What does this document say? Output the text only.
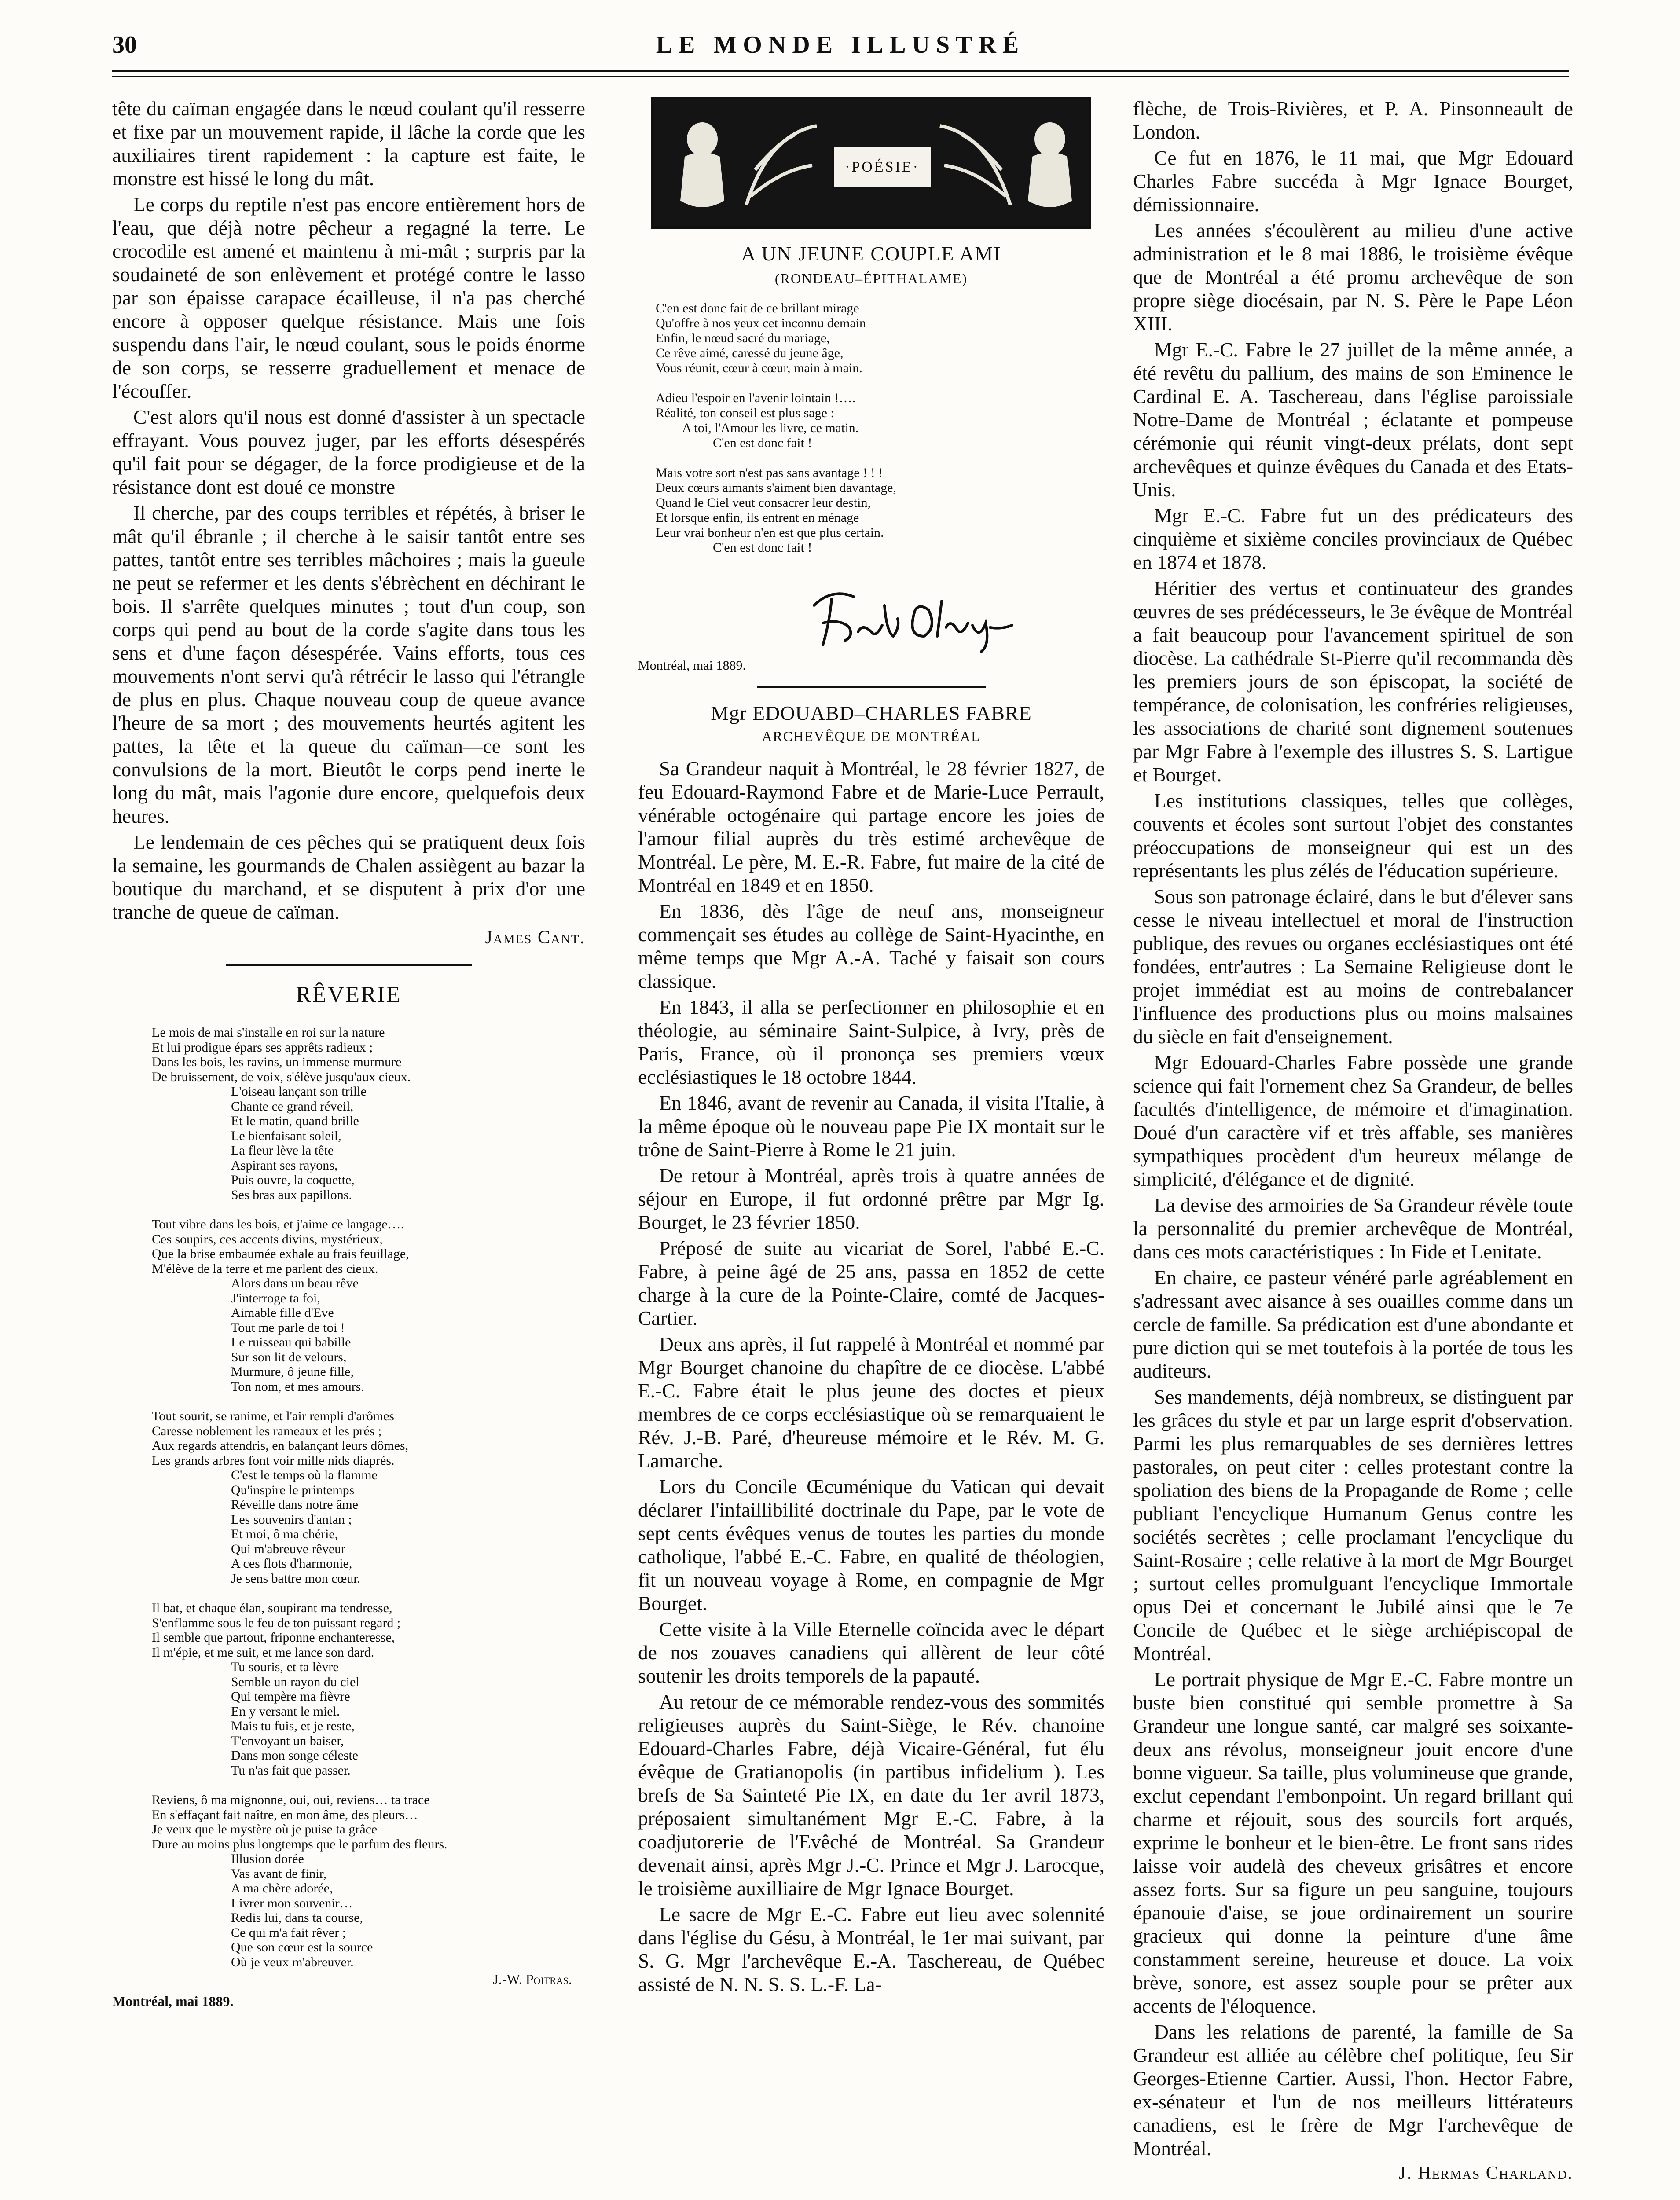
30	LE MONDE ILLUSTRÉ

tête du caïman engagée dans le nœud coulant qu'il resserre et fixe par un mouvement rapide, il lâche la corde que les auxiliaires tirent rapidement : la capture est faite, le monstre est hissé le long du mât.

Le corps du reptile n'est pas encore entièrement hors de l'eau, que déjà notre pêcheur a regagné la terre. Le crocodile est amené et maintenu à mi-mât ; surpris par la soudaineté de son enlèvement et protégé contre le lasso par son épaisse carapace écailleuse, il n'a pas cherché encore à opposer quelque résistance. Mais une fois suspendu dans l'air, le nœud coulant, sous le poids énorme de son corps, se resserre graduellement et menace de l'écouffer.

C'est alors qu'il nous est donné d'assister à un spectacle effrayant. Vous pouvez juger, par les efforts désespérés qu'il fait pour se dégager, de la force prodigieuse et de la résistance dont est doué ce monstre

Il cherche, par des coups terribles et répétés, à briser le mât qu'il ébranle ; il cherche à le saisir tantôt entre ses pattes, tantôt entre ses terribles mâchoires ; mais la gueule ne peut se refermer et les dents s'ébrèchent en déchirant le bois. Il s'arrête quelques minutes ; tout d'un coup, son corps qui pend au bout de la corde s'agite dans tous les sens et d'une façon désespérée. Vains efforts, tous ces mouvements n'ont servi qu'à rétrécir le lasso qui l'étrangle de plus en plus. Chaque nouveau coup de queue avance l'heure de sa mort ; des mouvements heurtés agitent les pattes, la tête et la queue du caïman—ce sont les convulsions de la mort. Bieutôt le corps pend inerte le long du mât, mais l'agonie dure encore, quelquefois deux heures.

Le lendemain de ces pêches qui se pratiquent deux fois la semaine, les gourmands de Chalen assiègent au bazar la boutique du marchand, et se disputent à prix d'or une tranche de queue de caïman.

James Cant.
RÊVERIE
Le mois de mai s'installe en roi sur la nature
Et lui prodigue épars ses apprêts radieux ;
Dans les bois, les ravins, un immense murmure
De bruissement, de voix, s'élève jusqu'aux cieux.
L'oiseau lançant son trille
Chante ce grand réveil,
Et le matin, quand brille
Le bienfaisant soleil,
La fleur lève la tête
Aspirant ses rayons,
Puis ouvre, la coquette,
Ses bras aux papillons.
Tout vibre dans les bois, et j'aime ce langage….
Ces soupirs, ces accents divins, mystérieux,
Que la brise embaumée exhale au frais feuillage,
M'élève de la terre et me parlent des cieux.
Alors dans un beau rêve
J'interroge ta foi,
Aimable fille d'Eve
Tout me parle de toi !
Le ruisseau qui babille
Sur son lit de velours,
Murmure, ô jeune fille,
Ton nom, et mes amours.
Tout sourit, se ranime, et l'air rempli d'arômes
Caresse noblement les rameaux et les prés ;
Aux regards attendris, en balançant leurs dômes,
Les grands arbres font voir mille nids diaprés.
C'est le temps où la flamme
Qu'inspire le printemps
Réveille dans notre âme
Les souvenirs d'antan ;
Et moi, ô ma chérie,
Qui m'abreuve rêveur
A ces flots d'harmonie,
Je sens battre mon cœur.
Il bat, et chaque élan, soupirant ma tendresse,
S'enflamme sous le feu de ton puissant regard ;
Il semble que partout, friponne enchanteresse,
Il m'épie, et me suit, et me lance son dard.
Tu souris, et ta lèvre
Semble un rayon du ciel
Qui tempère ma fièvre
En y versant le miel.
Mais tu fuis, et je reste,
T'envoyant un baiser,
Dans mon songe céleste
Tu n'as fait que passer.
Reviens, ô ma mignonne, oui, oui, reviens… ta trace
En s'effaçant fait naître, en mon âme, des pleurs…
Je veux que le mystère où je puise ta grâce
Dure au moins plus longtemps que le parfum des fleurs.
Illusion dorée
Vas avant de finir,
A ma chère adorée,
Livrer mon souvenir…
Redis lui, dans ta course,
Ce qui m'a fait rêver ;
Que son cœur est la source
Où je veux m'abreuver.
J.-W. Poitras.
Montréal, mai 1889.
·POÉSIE·
A UN JEUNE COUPLE AMI
(RONDEAU–ÉPITHALAME)
C'en est donc fait de ce brillant mirage
Qu'offre à nos yeux cet inconnu demain
Enfin, le nœud sacré du mariage,
Ce rêve aimé, caressé du jeune âge,
Vous réunit, cœur à cœur, main à main.
Adieu l'espoir en l'avenir lointain !….
Réalité, ton conseil est plus sage :
A toi, l'Amour les livre, ce matin.
C'en est donc fait !
Mais votre sort n'est pas sans avantage ! ! !
Deux cœurs aimants s'aiment bien davantage,
Quand le Ciel veut consacrer leur destin,
Et lorsque enfin, ils entrent en ménage
Leur vrai bonheur n'en est que plus certain.
C'en est donc fait !
Montréal, mai 1889.
Mgr EDOUABD–CHARLES FABRE
ARCHEVÊQUE DE MONTRÉAL

Sa Grandeur naquit à Montréal, le 28 février 1827, de feu Edouard-Raymond Fabre et de Marie-Luce Perrault, vénérable octogénaire qui partage encore les joies de l'amour filial auprès du très estimé archevêque de Montréal. Le père, M. E.-R. Fabre, fut maire de la cité de Montréal en 1849 et en 1850.

En 1836, dès l'âge de neuf ans, monseigneur commençait ses études au collège de Saint-Hyacinthe, en même temps que Mgr A.-A. Taché y faisait son cours classique.

En 1843, il alla se perfectionner en philosophie et en théologie, au séminaire Saint-Sulpice, à Ivry, près de Paris, France, où il prononça ses premiers vœux ecclésiastiques le 18 octobre 1844.

En 1846, avant de revenir au Canada, il visita l'Italie, à la même époque où le nouveau pape Pie IX montait sur le trône de Saint-Pierre à Rome le 21 juin.

De retour à Montréal, après trois à quatre années de séjour en Europe, il fut ordonné prêtre par Mgr Ig. Bourget, le 23 février 1850.

Préposé de suite au vicariat de Sorel, l'abbé E.-C. Fabre, à peine âgé de 25 ans, passa en 1852 de cette charge à la cure de la Pointe-Claire, comté de Jacques-Cartier.

Deux ans après, il fut rappelé à Montréal et nommé par Mgr Bourget chanoine du chapître de ce diocèse. L'abbé E.-C. Fabre était le plus jeune des doctes et pieux membres de ce corps ecclésiastique où se remarquaient le Rév. J.-B. Paré, d'heureuse mémoire et le Rév. M. G. Lamarche.

Lors du Concile Œcuménique du Vatican qui devait déclarer l'infaillibilité doctrinale du Pape, par le vote de sept cents évêques venus de toutes les parties du monde catholique, l'abbé E.-C. Fabre, en qualité de théologien, fit un nouveau voyage à Rome, en compagnie de Mgr Bourget.

Cette visite à la Ville Eternelle coïncida avec le départ de nos zouaves canadiens qui allèrent de leur côté soutenir les droits temporels de la papauté.

Au retour de ce mémorable rendez-vous des sommités religieuses auprès du Saint-Siège, le Rév. chanoine Edouard-Charles Fabre, déjà Vicaire-Général, fut élu évêque de Gratianopolis (in partibus infidelium ). Les brefs de Sa Sainteté Pie IX, en date du 1er avril 1873, préposaient simultanément Mgr E.-C. Fabre, à la coadjutorerie de l'Evêché de Montréal. Sa Grandeur devenait ainsi, après Mgr J.-C. Prince et Mgr J. Larocque, le troisième auxilliaire de Mgr Ignace Bourget.

Le sacre de Mgr E.-C. Fabre eut lieu avec solennité dans l'église du Gésu, à Montréal, le 1er mai suivant, par S. G. Mgr l'archevêque E.-A. Taschereau, de Québec assisté de N. N. S. S. L.-F. La-

flèche, de Trois-Rivières, et P. A. Pinsonneault de London.

Ce fut en 1876, le 11 mai, que Mgr Edouard Charles Fabre succéda à Mgr Ignace Bourget, démissionnaire.

Les années s'écoulèrent au milieu d'une active administration et le 8 mai 1886, le troisième évêque que de Montréal a été promu archevêque de son propre siège diocésain, par N. S. Père le Pape Léon XIII.

Mgr E.-C. Fabre le 27 juillet de la même année, a été revêtu du pallium, des mains de son Eminence le Cardinal E. A. Taschereau, dans l'église paroissiale Notre-Dame de Montréal ; éclatante et pompeuse cérémonie qui réunit vingt-deux prélats, dont sept archevêques et quinze évêques du Canada et des Etats-Unis.

Mgr E.-C. Fabre fut un des prédicateurs des cinquième et sixième conciles provinciaux de Québec en 1874 et 1878.

Héritier des vertus et continuateur des grandes œuvres de ses prédécesseurs, le 3e évêque de Montréal a fait beaucoup pour l'avancement spirituel de son diocèse. La cathédrale St-Pierre qu'il recommanda dès les premiers jours de son épiscopat, la société de tempérance, de colonisation, les confréries religieuses, les associations de charité sont dignement soutenues par Mgr Fabre à l'exemple des illustres S. S. Lartigue et Bourget.

Les institutions classiques, telles que collèges, couvents et écoles sont surtout l'objet des constantes préoccupations de monseigneur qui est un des représentants les plus zélés de l'éducation supérieure.

Sous son patronage éclairé, dans le but d'élever sans cesse le niveau intellectuel et moral de l'instruction publique, des revues ou organes ecclésiastiques ont été fondées, entr'autres : La Semaine Religieuse dont le projet immédiat est au moins de contrebalancer l'influence des productions plus ou moins malsaines du siècle en fait d'enseignement.

Mgr Edouard-Charles Fabre possède une grande science qui fait l'ornement chez Sa Grandeur, de belles facultés d'intelligence, de mémoire et d'imagination. Doué d'un caractère vif et très affable, ses manières sympathiques procèdent d'un heureux mélange de simplicité, d'élégance et de dignité.

La devise des armoiries de Sa Grandeur révèle toute la personnalité du premier archevêque de Montréal, dans ces mots caractéristiques : In Fide et Lenitate.

En chaire, ce pasteur vénéré parle agréablement en s'adressant avec aisance à ses ouailles comme dans un cercle de famille. Sa prédication est d'une abondante et pure diction qui se met toutefois à la portée de tous les auditeurs.

Ses mandements, déjà nombreux, se distinguent par les grâces du style et par un large esprit d'observation. Parmi les plus remarquables de ses dernières lettres pastorales, on peut citer : celles protestant contre la spoliation des biens de la Propagande de Rome ; celle publiant l'encyclique Humanum Genus contre les sociétés secrètes ; celle proclamant l'encyclique du Saint-Rosaire ; celle relative à la mort de Mgr Bourget ; surtout celles promulguant l'encyclique Immortale opus Dei et concernant le Jubilé ainsi que le 7e Concile de Québec et le siège archiépiscopal de Montréal.

Le portrait physique de Mgr E.-C. Fabre montre un buste bien constitué qui semble promettre à Sa Grandeur une longue santé, car malgré ses soixante-deux ans révolus, monseigneur jouit encore d'une bonne vigueur. Sa taille, plus volumineuse que grande, exclut cependant l'embonpoint. Un regard brillant qui charme et réjouit, sous des sourcils fort arqués, exprime le bonheur et le bien-être. Le front sans rides laisse voir audelà des cheveux grisâtres et encore assez forts. Sur sa figure un peu sanguine, toujours épanouie d'aise, se joue ordinairement un sourire gracieux qui donne la peinture d'une âme constamment sereine, heureuse et douce. La voix brève, sonore, est assez souple pour se prêter aux accents de l'éloquence.

Dans les relations de parenté, la famille de Sa Grandeur est alliée au célèbre chef politique, feu Sir Georges-Etienne Cartier. Aussi, l'hon. Hector Fabre, ex-sénateur et l'un de nos meilleurs littérateurs canadiens, est le frère de Mgr l'archevêque de Montréal.

J. Hermas Charland.
